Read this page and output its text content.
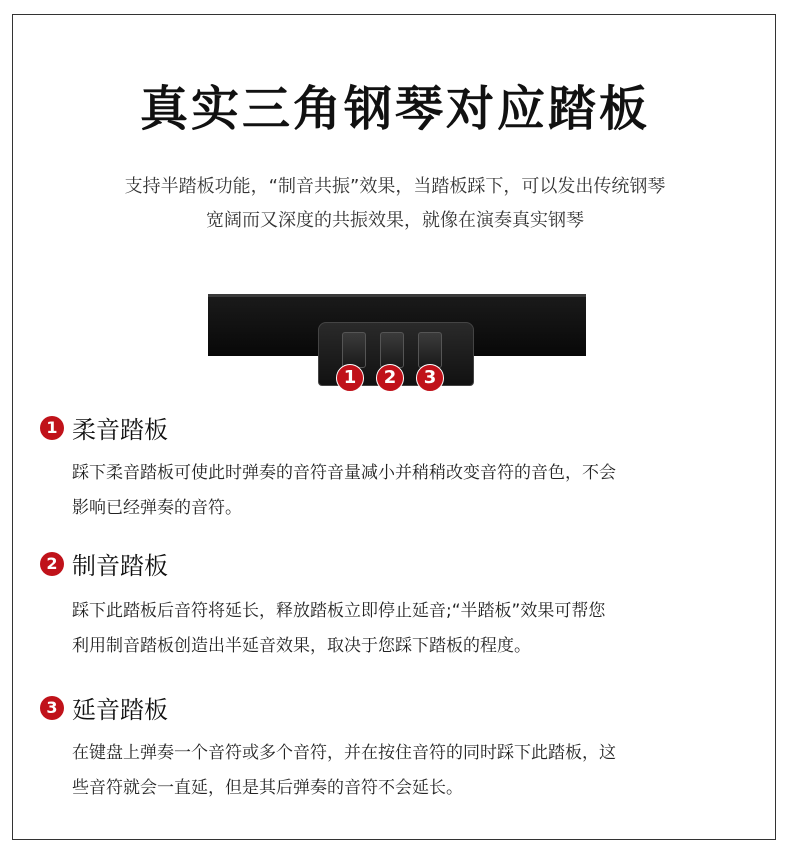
真实三角钢琴对应踏板
支持半踏板功能，“制音共振”效果，当踏板踩下，可以发出传统钢琴
宽阔而又深度的共振效果，就像在演奏真实钢琴
1	2	3
1 柔音踏板
踩下柔音踏板可使此时弹奏的音符音量减小并稍稍改变音符的音色，不会
影响已经弹奏的音符。
2 制音踏板
踩下此踏板后音符将延长，释放踏板立即停止延音;“半踏板”效果可帮您
利用制音踏板创造出半延音效果，取决于您踩下踏板的程度。
3 延音踏板
在键盘上弹奏一个音符或多个音符，并在按住音符的同时踩下此踏板，这
些音符就会一直延，但是其后弹奏的音符不会延长。
